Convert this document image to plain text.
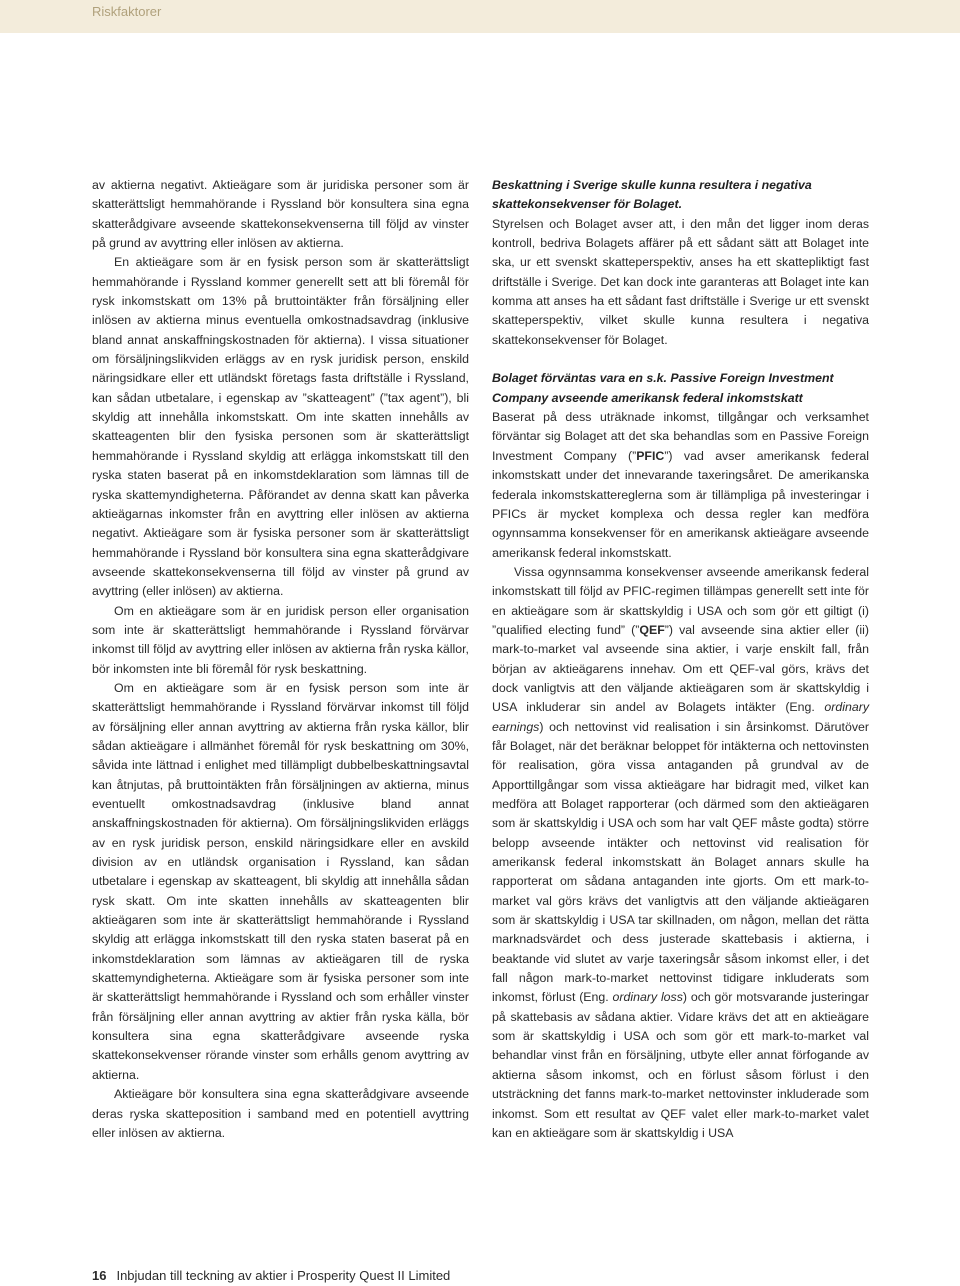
Riskfaktorer

av aktierna negativt. Aktieägare som är juridiska personer som är skatterättsligt hemmahörande i Ryssland bör konsultera sina egna skatterådgivare avseende skattekonsekvenserna till följd av vinster på grund av avyttring eller inlösen av aktierna.

En aktieägare som är en fysisk person som är skatterättsligt hemmahörande i Ryssland kommer generellt sett att bli föremål för rysk inkomstskatt om 13% på bruttointäkter från försäljning eller inlösen av aktierna minus eventuella omkostnadsavdrag (inklusive bland annat anskaffningskostnaden för aktierna). I vissa situationer om försäljningslikviden erläggs av en rysk juridisk person, enskild näringsidkare eller ett utländskt företags fasta driftställe i Ryssland, kan sådan utbetalare, i egenskap av ”skatteagent” (”tax agent”), bli skyldig att innehålla inkomstskatt. Om inte skatten innehålls av skatteagenten blir den fysiska personen som är skatterättsligt hemmahörande i Ryssland skyldig att erlägga inkomstskatt till den ryska staten baserat på en inkomstdeklaration som lämnas till de ryska skattemyndigheterna. Påförandet av denna skatt kan påverka aktieägarnas inkomster från en avyttring eller inlösen av aktierna negativt. Aktieägare som är fysiska personer som är skatterättsligt hemmahörande i Ryssland bör konsultera sina egna skatterådgivare avseende skattekonsekvenserna till följd av vinster på grund av avyttring (eller inlösen) av aktierna.

Om en aktieägare som är en juridisk person eller organisation som inte är skatterättsligt hemmahörande i Ryssland förvärvar inkomst till följd av avyttring eller inlösen av aktierna från ryska källor, bör inkomsten inte bli föremål för rysk beskattning.

Om en aktieägare som är en fysisk person som inte är skatterättsligt hemmahörande i Ryssland förvärvar inkomst till följd av försäljning eller annan avyttring av aktierna från ryska källor, blir sådan aktieägare i allmänhet föremål för rysk beskattning om 30%, såvida inte lättnad i enlighet med tillämpligt dubbelbeskattningsavtal kan åtnjutas, på bruttointäkten från försäljningen av aktierna, minus eventuellt omkostnadsavdrag (inklusive bland annat anskaffningskostnaden för aktierna). Om försäljningslikviden erläggs av en rysk juridisk person, enskild näringsidkare eller en avskild division av en utländsk organisation i Ryssland, kan sådan utbetalare i egenskap av skatteagent, bli skyldig att innehålla sådan rysk skatt. Om inte skatten innehålls av skatteagenten blir aktieägaren som inte är skatterättsligt hemmahörande i Ryssland skyldig att erlägga inkomstskatt till den ryska staten baserat på en inkomstdeklaration som lämnas av aktieägaren till de ryska skattemyndigheterna. Aktieägare som är fysiska personer som inte är skatterättsligt hemmahörande i Ryssland och som erhåller vinster från försäljning eller annan avyttring av aktier från ryska källa, bör konsultera sina egna skatterådgivare avseende ryska skattekonsekvenser rörande vinster som erhålls genom avyttring av aktierna.

Aktieägare bör konsultera sina egna skatterådgivare avseende deras ryska skatteposition i samband med en potentiell avyttring eller inlösen av aktierna.

Beskattning i Sverige skulle kunna resultera i negativa skattekonsekvenser för Bolaget.

Styrelsen och Bolaget avser att, i den mån det ligger inom deras kontroll, bedriva Bolagets affärer på ett sådant sätt att Bolaget inte ska, ur ett svenskt skatteperspektiv, anses ha ett skattepliktigt fast driftställe i Sverige. Det kan dock inte garanteras att Bolaget inte kan komma att anses ha ett sådant fast driftställe i Sverige ur ett svenskt skatteperspektiv, vilket skulle kunna resultera i negativa skattekonsekvenser för Bolaget.

Bolaget förväntas vara en s.k. Passive Foreign Investment Company avseende amerikansk federal inkomstskatt

Baserat på dess uträknade inkomst, tillgångar och verksamhet förväntar sig Bolaget att det ska behandlas som en Passive Foreign Investment Company (”PFIC”) vad avser amerikansk federal inkomstskatt under det innevarande taxeringsåret. De amerikanska federala inkomstskattereglerna som är tillämpliga på investeringar i PFICs är mycket komplexa och dessa regler kan medföra ogynnsamma konsekvenser för en amerikansk aktieägare avseende amerikansk federal inkomstskatt.

Vissa ogynnsamma konsekvenser avseende amerikansk federal inkomstskatt till följd av PFIC-regimen tillämpas generellt sett inte för en aktieägare som är skattskyldig i USA och som gör ett giltigt (i) ”qualified electing fund” (”QEF”) val avseende sina aktier eller (ii) mark-to-market val avseende sina aktier, i varje enskilt fall, från början av aktieägarens innehav. Om ett QEF-val görs, krävs det dock vanligtvis att den väljande aktieägaren som är skattskyldig i USA inkluderar sin andel av Bolagets intäkter (Eng. ordinary earnings) och nettovinst vid realisation i sin årsinkomst. Därutöver får Bolaget, när det beräknar beloppet för intäkterna och nettovinsten för realisation, göra vissa antaganden på grundval av de Apporttillgångar som vissa aktieägare har bidragit med, vilket kan medföra att Bolaget rapporterar (och därmed som den aktieägaren som är skattskyldig i USA och som har valt QEF måste godta) större belopp avseende intäkter och nettovinst vid realisation för amerikansk federal inkomstskatt än Bolaget annars skulle ha rapporterat om sådana antaganden inte gjorts. Om ett mark-to-market val görs krävs det vanligtvis att den väljande aktieägaren som är skattskyldig i USA tar skillnaden, om någon, mellan det rätta marknadsvärdet och dess justerade skattebasis i aktierna, i beaktande vid slutet av varje taxeringsår såsom inkomst eller, i det fall någon mark-to-market nettovinst tidigare inkluderats som inkomst, förlust (Eng. ordinary loss) och gör motsvarande justeringar på skattebasis av sådana aktier. Vidare krävs det att en aktieägare som är skattskyldig i USA och som gör ett mark-to-market val behandlar vinst från en försäljning, utbyte eller annat förfogande av aktierna såsom inkomst, och en förlust såsom förlust i den utsträckning det fanns mark-to-market nettovinster inkluderade som inkomst. Som ett resultat av QEF valet eller mark-to-market valet kan en aktieägare som är skattskyldig i USA

16 Inbjudan till teckning av aktier i Prosperity Quest II Limited
